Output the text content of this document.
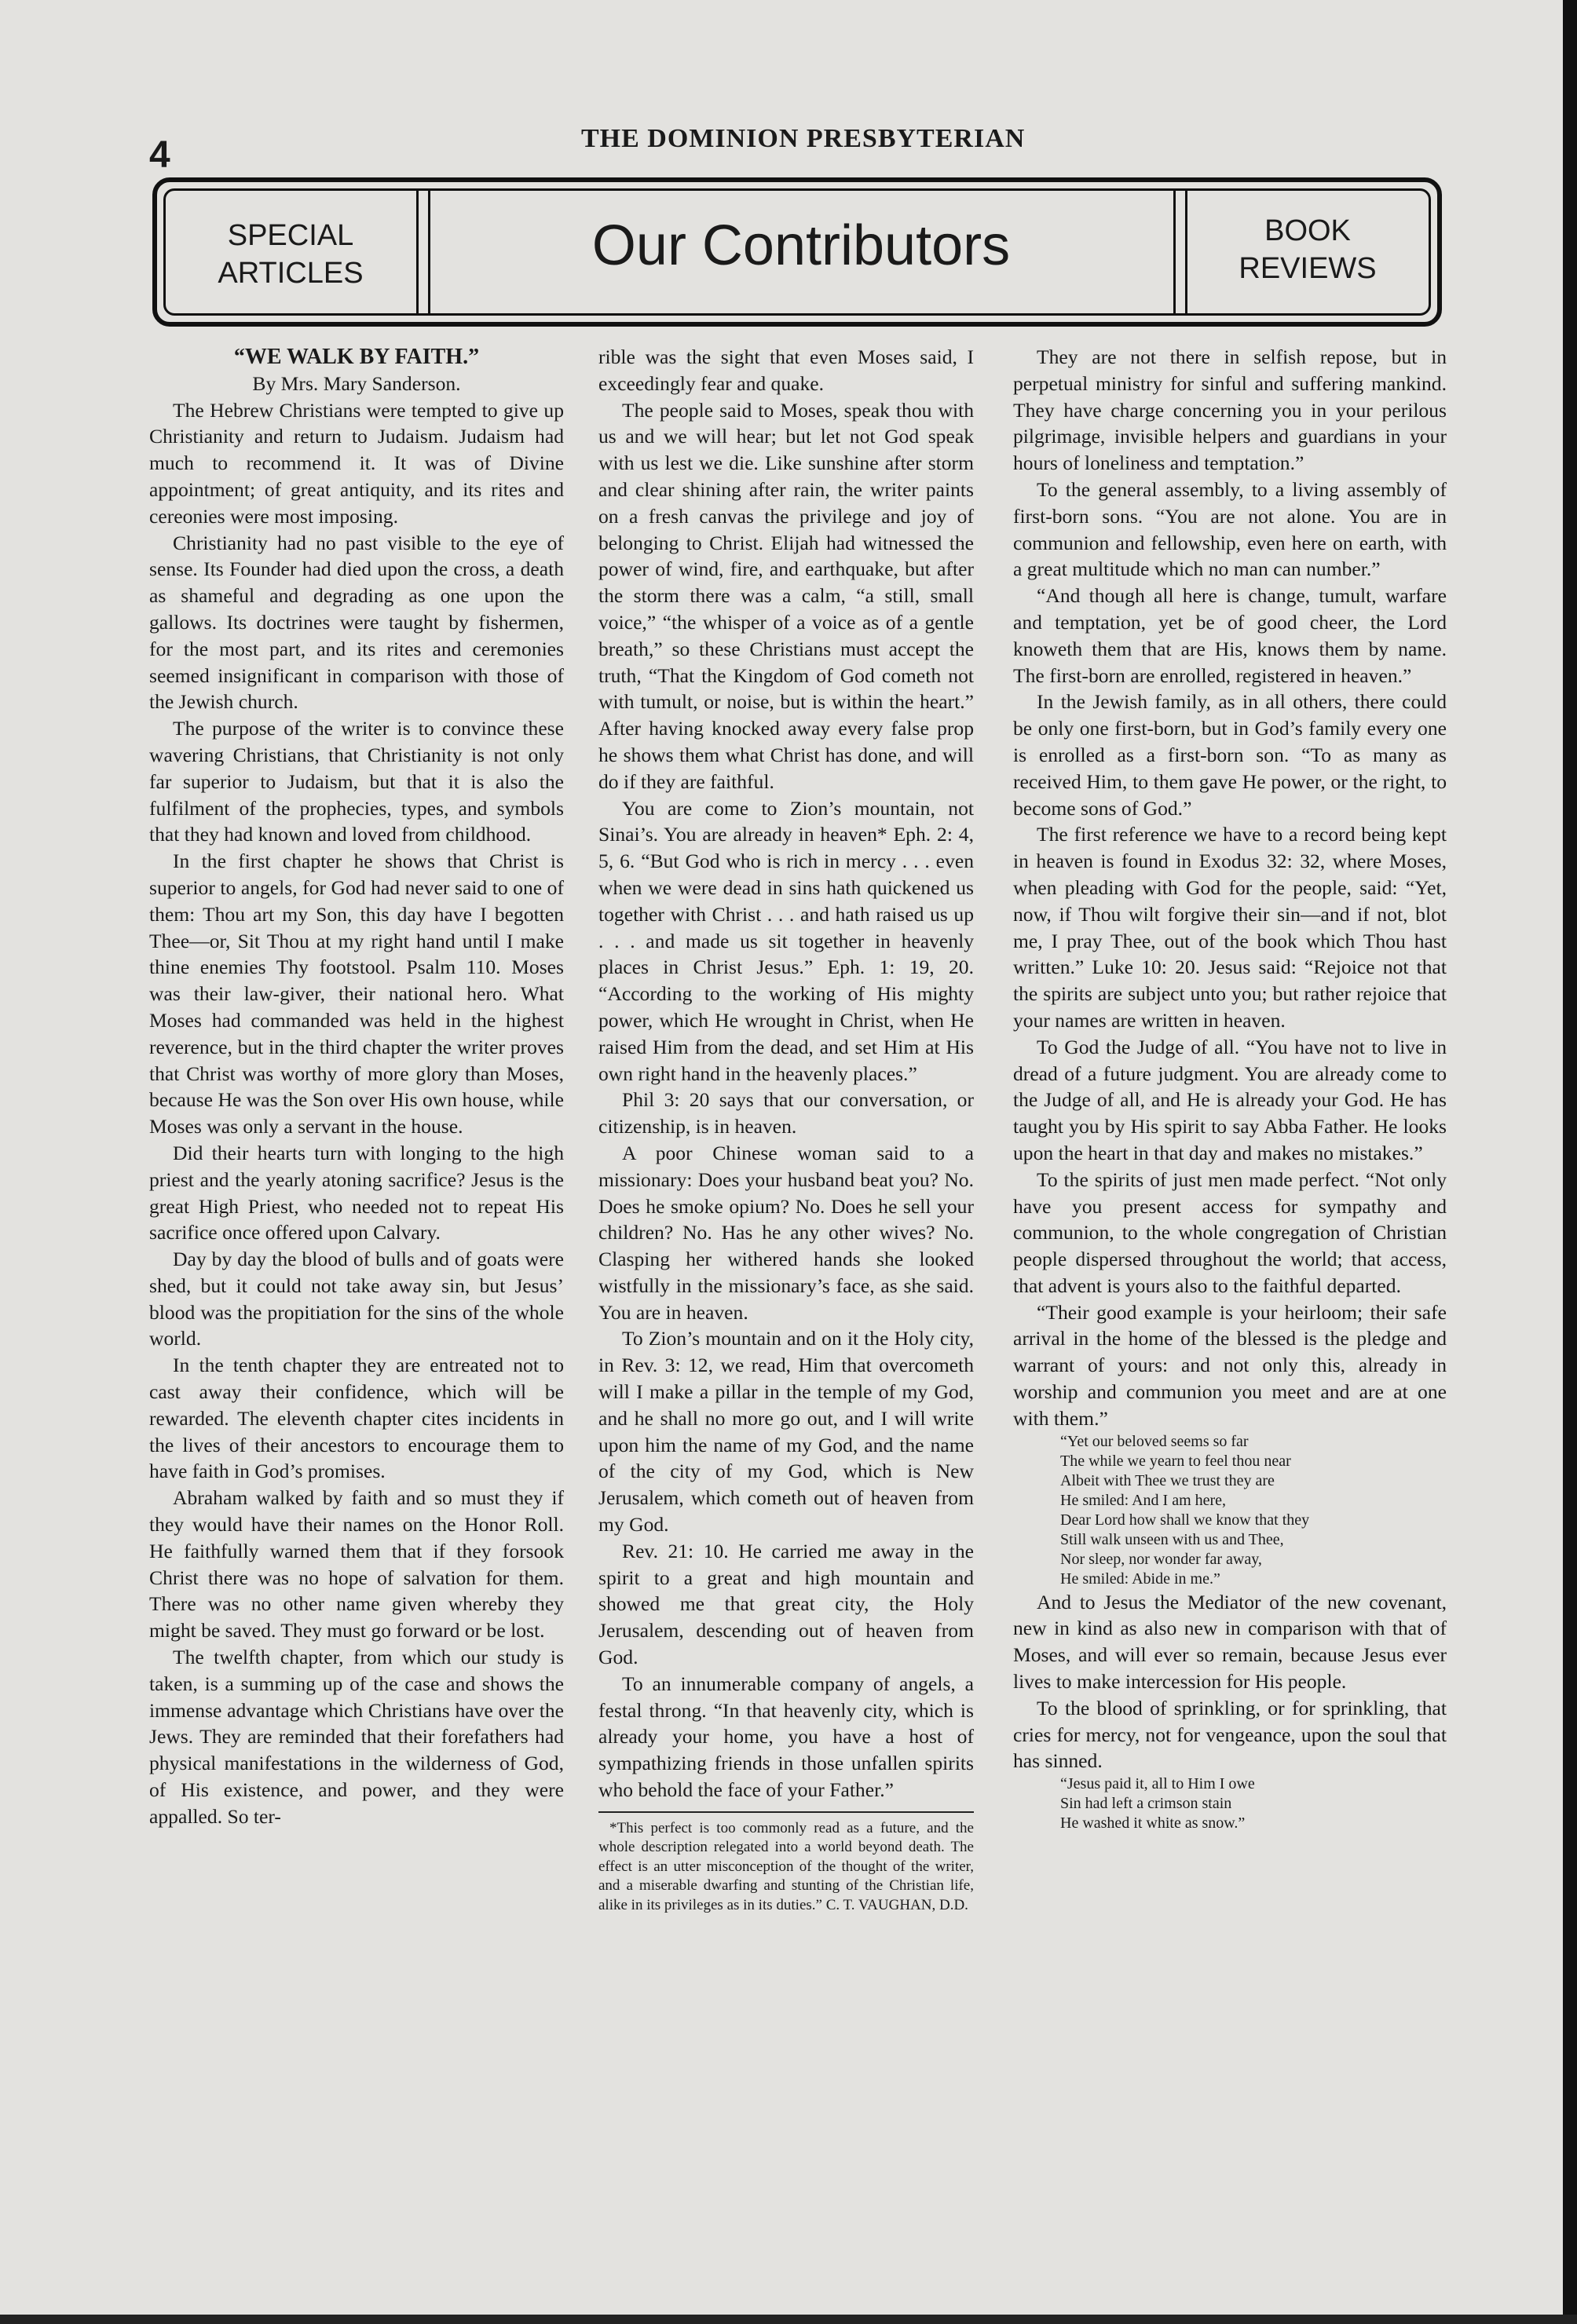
4	THE DOMINION PRESBYTERIAN
SPECIAL
ARTICLES	Our Contributors	BOOK
REVIEWS

“WE WALK BY FAITH.”

By Mrs. Mary Sanderson.

The Hebrew Christians were tempted to give up Christianity and return to Judaism. Judaism had much to recommend it. It was of Divine appointment; of great antiquity, and its rites and cereonies were most imposing.

Christianity had no past visible to the eye of sense. Its Founder had died upon the cross, a death as shameful and degrading as one upon the gallows. Its doctrines were taught by fishermen, for the most part, and its rites and ceremonies seemed insignificant in comparison with those of the Jewish church.

The purpose of the writer is to convince these wavering Christians, that Christianity is not only far superior to Judaism, but that it is also the fulfilment of the prophecies, types, and symbols that they had known and loved from childhood.

In the first chapter he shows that Christ is superior to angels, for God had never said to one of them: Thou art my Son, this day have I begotten Thee—or, Sit Thou at my right hand until I make thine enemies Thy footstool. Psalm 110. Moses was their law-giver, their national hero. What Moses had commanded was held in the highest reverence, but in the third chapter the writer proves that Christ was worthy of more glory than Moses, because He was the Son over His own house, while Moses was only a servant in the house.

Did their hearts turn with longing to the high priest and the yearly atoning sacrifice? Jesus is the great High Priest, who needed not to repeat His sacrifice once offered upon Calvary.

Day by day the blood of bulls and of goats were shed, but it could not take away sin, but Jesus’ blood was the propitiation for the sins of the whole world.

In the tenth chapter they are entreated not to cast away their confidence, which will be rewarded. The eleventh chapter cites incidents in the lives of their ancestors to encourage them to have faith in God’s promises.

Abraham walked by faith and so must they if they would have their names on the Honor Roll. He faithfully warned them that if they forsook Christ there was no hope of salvation for them. There was no other name given whereby they might be saved. They must go forward or be lost.

The twelfth chapter, from which our study is taken, is a summing up of the case and shows the immense advantage which Christians have over the Jews. They are reminded that their forefathers had physical manifestations in the wilderness of God, of His existence, and power, and they were appalled. So ter-

rible was the sight that even Moses said, I exceedingly fear and quake.

The people said to Moses, speak thou with us and we will hear; but let not God speak with us lest we die. Like sunshine after storm and clear shining after rain, the writer paints on a fresh canvas the privilege and joy of belonging to Christ. Elijah had witnessed the power of wind, fire, and earthquake, but after the storm there was a calm, “a still, small voice,” “the whisper of a voice as of a gentle breath,” so these Christians must accept the truth, “That the Kingdom of God cometh not with tumult, or noise, but is within the heart.” After having knocked away every false prop he shows them what Christ has done, and will do if they are faithful.

You are come to Zion’s mountain, not Sinai’s. You are already in heaven* Eph. 2: 4, 5, 6. “But God who is rich in mercy . . . even when we were dead in sins hath quickened us together with Christ . . . and hath raised us up . . . and made us sit together in heavenly places in Christ Jesus.” Eph. 1: 19, 20. “According to the working of His mighty power, which He wrought in Christ, when He raised Him from the dead, and set Him at His own right hand in the heavenly places.”

Phil 3: 20 says that our conversation, or citizenship, is in heaven.

A poor Chinese woman said to a missionary: Does your husband beat you? No. Does he smoke opium? No. Does he sell your children? No. Has he any other wives? No. Clasping her withered hands she looked wistfully in the missionary’s face, as she said. You are in heaven.

To Zion’s mountain and on it the Holy city, in Rev. 3: 12, we read, Him that overcometh will I make a pillar in the temple of my God, and he shall no more go out, and I will write upon him the name of my God, and the name of the city of my God, which is New Jerusalem, which cometh out of heaven from my God.

Rev. 21: 10. He carried me away in the spirit to a great and high mountain and showed me that great city, the Holy Jerusalem, descending out of heaven from God.

To an innumerable company of angels, a festal throng. “In that heavenly city, which is already your home, you have a host of sympathizing friends in those unfallen spirits who behold the face of your Father.”

*This perfect is too commonly read as a future, and the whole description relegated into a world beyond death. The effect is an utter misconception of the thought of the writer, and a miserable dwarfing and stunting of the Christian life, alike in its privileges as in its duties.” C. T. VAUGHAN, D.D.

They are not there in selfish repose, but in perpetual ministry for sinful and suffering mankind. They have charge concerning you in your perilous pilgrimage, invisible helpers and guardians in your hours of loneliness and temptation.”

To the general assembly, to a living assembly of first-born sons. “You are not alone. You are in communion and fellowship, even here on earth, with a great multitude which no man can number.”

“And though all here is change, tumult, warfare and temptation, yet be of good cheer, the Lord knoweth them that are His, knows them by name. The first-born are enrolled, registered in heaven.”

In the Jewish family, as in all others, there could be only one first-born, but in God’s family every one is enrolled as a first-born son. “To as many as received Him, to them gave He power, or the right, to become sons of God.”

The first reference we have to a record being kept in heaven is found in Exodus 32: 32, where Moses, when pleading with God for the people, said: “Yet, now, if Thou wilt forgive their sin—and if not, blot me, I pray Thee, out of the book which Thou hast written.” Luke 10: 20. Jesus said: “Rejoice not that the spirits are subject unto you; but rather rejoice that your names are written in heaven.

To God the Judge of all. “You have not to live in dread of a future judgment. You are already come to the Judge of all, and He is already your God. He has taught you by His spirit to say Abba Father. He looks upon the heart in that day and makes no mistakes.”

To the spirits of just men made perfect. “Not only have you present access for sympathy and communion, to the whole congregation of Christian people dispersed throughout the world; that access, that advent is yours also to the faithful departed.

“Their good example is your heirloom; their safe arrival in the home of the blessed is the pledge and warrant of yours: and not only this, already in worship and communion you meet and are at one with them.”

“Yet our beloved seems so far
The while we yearn to feel thou near
Albeit with Thee we trust they are
He smiled: And I am here,
Dear Lord how shall we know that they
Still walk unseen with us and Thee,
Nor sleep, nor wonder far away,
He smiled: Abide in me.”

And to Jesus the Mediator of the new covenant, new in kind as also new in comparison with that of Moses, and will ever so remain, because Jesus ever lives to make intercession for His people.

To the blood of sprinkling, or for sprinkling, that cries for mercy, not for vengeance, upon the soul that has sinned.

“Jesus paid it, all to Him I owe
Sin had left a crimson stain
He washed it white as snow.”
